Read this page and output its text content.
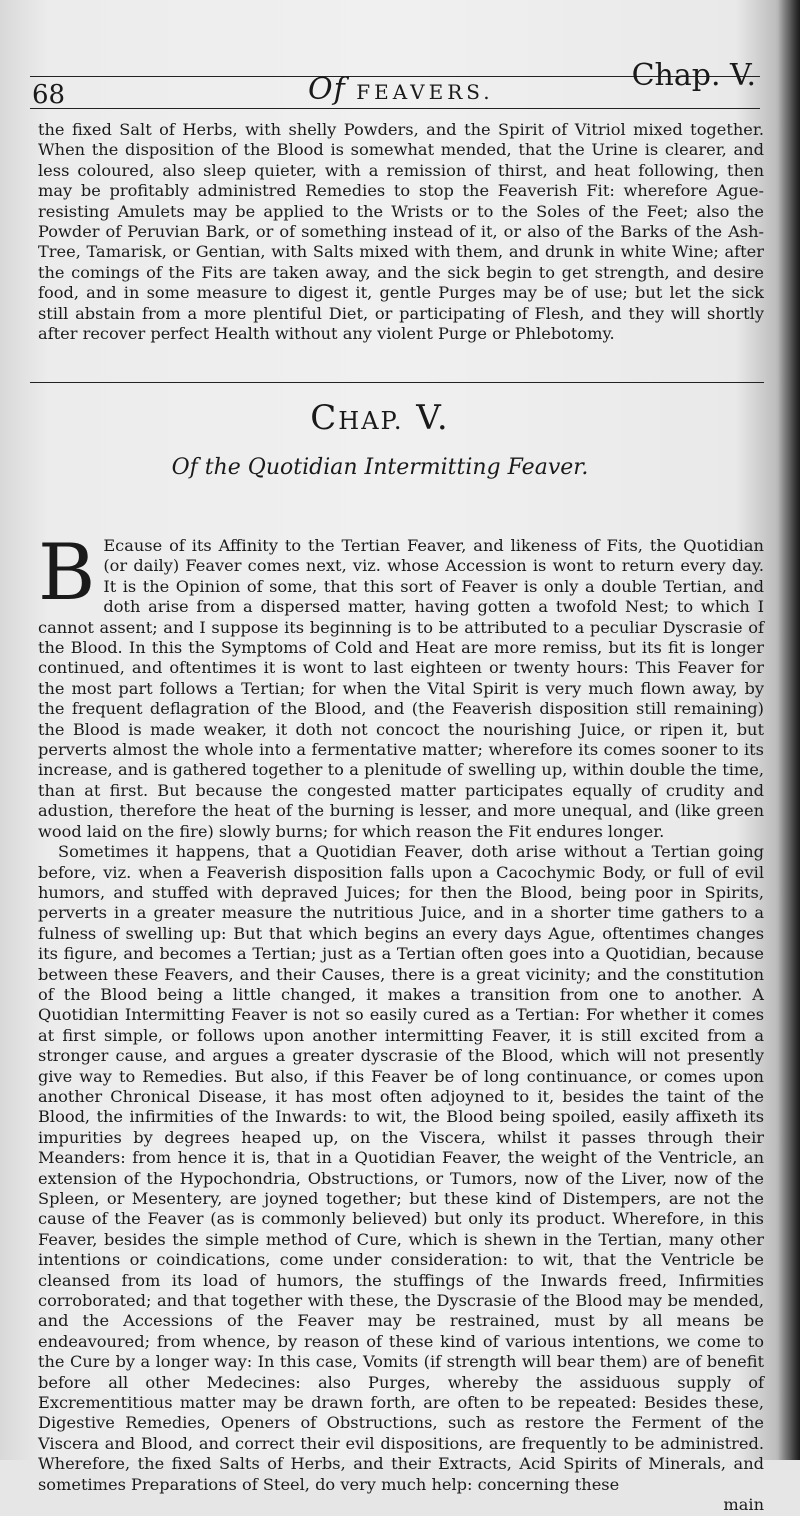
68	Of FEAVERS.	Chap. V.

the fixed Salt of Herbs, with shelly Powders, and the Spirit of Vitriol mixed together. When the disposition of the Blood is somewhat mended, that the Urine is clearer, and less coloured, also sleep quieter, with a remission of thirst, and heat following, then may be profitably administred Remedies to stop the Feaverish Fit: wherefore Ague-resisting Amulets may be applied to the Wrists or to the Soles of the Feet; also the Powder of Peruvian Bark, or of something instead of it, or also of the Barks of the Ash-Tree, Tamarisk, or Gentian, with Salts mixed with them, and drunk in white Wine; after the comings of the Fits are taken away, and the sick begin to get strength, and desire food, and in some measure to digest it, gentle Purges may be of use; but let the sick still abstain from a more plentiful Diet, or participating of Flesh, and they will shortly after recover perfect Health without any violent Purge or Phlebotomy.

CHAP. V.
Of the Quotidian Intermitting Feaver.

B Ecause of its Affinity to the Tertian Feaver, and likeness of Fits, the Quotidian (or daily) Feaver comes next, viz. whose Accession is wont to return every day. It is the Opinion of some, that this sort of Feaver is only a double Tertian, and doth arise from a dispersed matter, having gotten a twofold Nest; to which I cannot assent; and I suppose its beginning is to be attributed to a peculiar Dyscrasie of the Blood. In this the Symptoms of Cold and Heat are more remiss, but its fit is longer continued, and oftentimes it is wont to last eighteen or twenty hours: This Feaver for the most part follows a Tertian; for when the Vital Spirit is very much flown away, by the frequent deflagration of the Blood, and (the Feaverish disposition still remaining) the Blood is made weaker, it doth not concoct the nourishing Juice, or ripen it, but perverts almost the whole into a fermentative matter; wherefore its comes sooner to its increase, and is gathered together to a plenitude of swelling up, within double the time, than at first. But because the congested matter participates equally of crudity and adustion, therefore the heat of the burning is lesser, and more unequal, and (like green wood laid on the fire) slowly burns; for which reason the Fit endures longer.

Sometimes it happens, that a Quotidian Feaver, doth arise without a Tertian going before, viz. when a Feaverish disposition falls upon a Cacochymic Body, or full of evil humors, and stuffed with depraved Juices; for then the Blood, being poor in Spirits, perverts in a greater measure the nutritious Juice, and in a shorter time gathers to a fulness of swelling up: But that which begins an every days Ague, oftentimes changes its figure, and becomes a Tertian; just as a Tertian often goes into a Quotidian, because between these Feavers, and their Causes, there is a great vicinity; and the constitution of the Blood being a little changed, it makes a transition from one to another. A Quotidian Intermitting Feaver is not so easily cured as a Tertian: For whether it comes at first simple, or follows upon another intermitting Feaver, it is still excited from a stronger cause, and argues a greater dyscrasie of the Blood, which will not presently give way to Remedies. But also, if this Feaver be of long continuance, or comes upon another Chronical Disease, it has most often adjoyned to it, besides the taint of the Blood, the infirmities of the Inwards: to wit, the Blood being spoiled, easily affixeth its impurities by degrees heaped up, on the Viscera, whilst it passes through their Meanders: from hence it is, that in a Quotidian Feaver, the weight of the Ventricle, an extension of the Hypochondria, Obstructions, or Tumors, now of the Liver, now of the Spleen, or Mesentery, are joyned together; but these kind of Distempers, are not the cause of the Feaver (as is commonly believed) but only its product. Wherefore, in this Feaver, besides the simple method of Cure, which is shewn in the Tertian, many other intentions or coindications, come under consideration: to wit, that the Ventricle be cleansed from its load of humors, the stuffings of the Inwards freed, Infirmities corroborated; and that together with these, the Dyscrasie of the Blood may be mended, and the Accessions of the Feaver may be restrained, must by all means be endeavoured; from whence, by reason of these kind of various intentions, we come to the Cure by a longer way: In this case, Vomits (if strength will bear them) are of benefit before all other Medecines: also Purges, whereby the assiduous supply of Excrementitious matter may be drawn forth, are often to be repeated: Besides these, Digestive Remedies, Openers of Obstructions, such as restore the Ferment of the Viscera and Blood, and correct their evil dispositions, are frequently to be administred. Wherefore, the fixed Salts of Herbs, and their Extracts, Acid Spirits of Minerals, and sometimes Preparations of Steel, do very much help: concerning these

main
